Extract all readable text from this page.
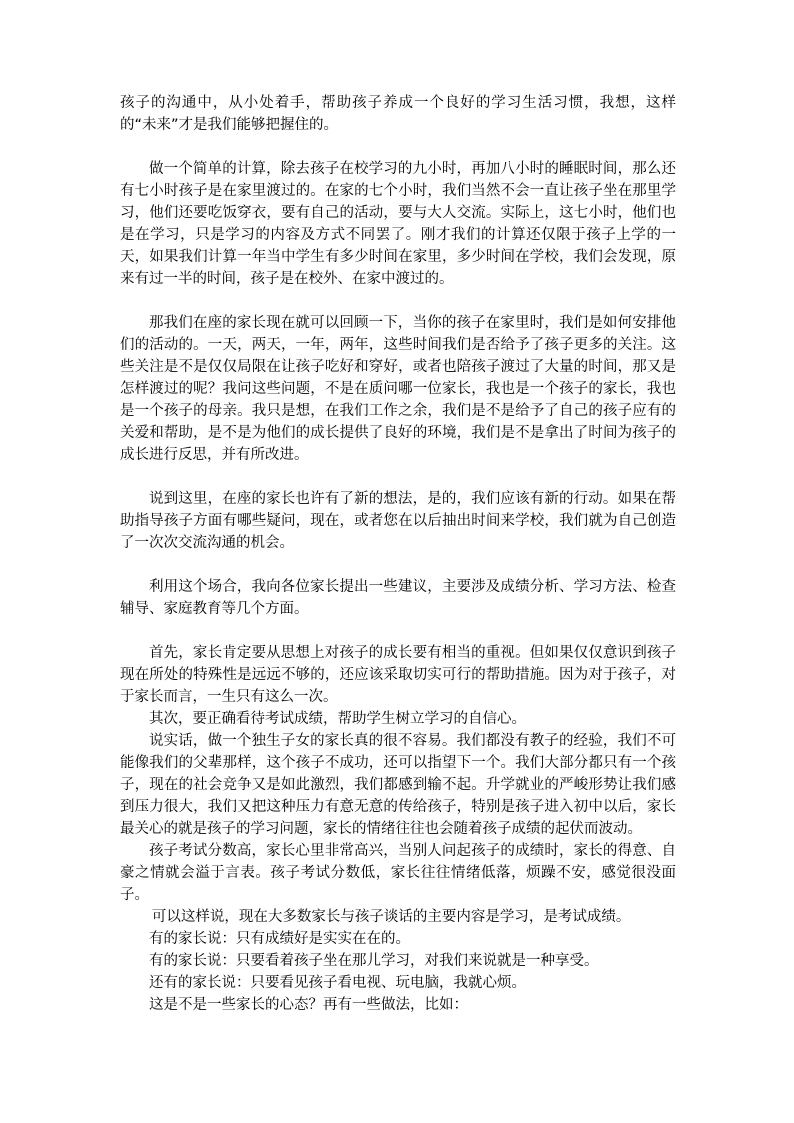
孩子的沟通中，从小处着手，帮助孩子养成一个良好的学习生活习惯，我想，这样的“未来”才是我们能够把握住的。

做一个简单的计算，除去孩子在校学习的九小时，再加八小时的睡眠时间，那么还有七小时孩子是在家里渡过的。在家的七个小时，我们当然不会一直让孩子坐在那里学习，他们还要吃饭穿衣，要有自己的活动，要与大人交流。实际上，这七小时，他们也是在学习，只是学习的内容及方式不同罢了。刚才我们的计算还仅限于孩子上学的一天，如果我们计算一年当中学生有多少时间在家里，多少时间在学校，我们会发现，原来有过一半的时间，孩子是在校外、在家中渡过的。

那我们在座的家长现在就可以回顾一下，当你的孩子在家里时，我们是如何安排他们的活动的。一天，两天，一年，两年，这些时间我们是否给予了孩子更多的关注。这些关注是不是仅仅局限在让孩子吃好和穿好，或者也陪孩子渡过了大量的时间，那又是怎样渡过的呢？我问这些问题，不是在质问哪一位家长，我也是一个孩子的家长，我也是一个孩子的母亲。我只是想，在我们工作之余，我们是不是给予了自己的孩子应有的关爱和帮助，是不是为他们的成长提供了良好的环境，我们是不是拿出了时间为孩子的成长进行反思，并有所改进。

说到这里，在座的家长也许有了新的想法，是的，我们应该有新的行动。如果在帮助指导孩子方面有哪些疑问，现在，或者您在以后抽出时间来学校，我们就为自己创造了一次次交流沟通的机会。

利用这个场合，我向各位家长提出一些建议，主要涉及成绩分析、学习方法、检查辅导、家庭教育等几个方面。

首先，家长肯定要从思想上对孩子的成长要有相当的重视。但如果仅仅意识到孩子现在所处的特殊性是远远不够的，还应该采取切实可行的帮助措施。因为对于孩子，对于家长而言，一生只有这么一次。

其次，要正确看待考试成绩，帮助学生树立学习的自信心。

说实话，做一个独生子女的家长真的很不容易。我们都没有教子的经验，我们不可能像我们的父辈那样，这个孩子不成功，还可以指望下一个。我们大部分都只有一个孩子，现在的社会竞争又是如此激烈，我们都感到输不起。升学就业的严峻形势让我们感到压力很大，我们又把这种压力有意无意的传给孩子，特别是孩子进入初中以后，家长最关心的就是孩子的学习问题，家长的情绪往往也会随着孩子成绩的起伏而波动。

孩子考试分数高，家长心里非常高兴，当别人问起孩子的成绩时，家长的得意、自豪之情就会溢于言表。孩子考试分数低，家长往往情绪低落，烦躁不安，感觉很没面子。

可以这样说，现在大多数家长与孩子谈话的主要内容是学习，是考试成绩。

有的家长说：只有成绩好是实实在在的。

有的家长说：只要看着孩子坐在那儿学习，对我们来说就是一种享受。

还有的家长说：只要看见孩子看电视、玩电脑，我就心烦。

这是不是一些家长的心态？再有一些做法，比如：
